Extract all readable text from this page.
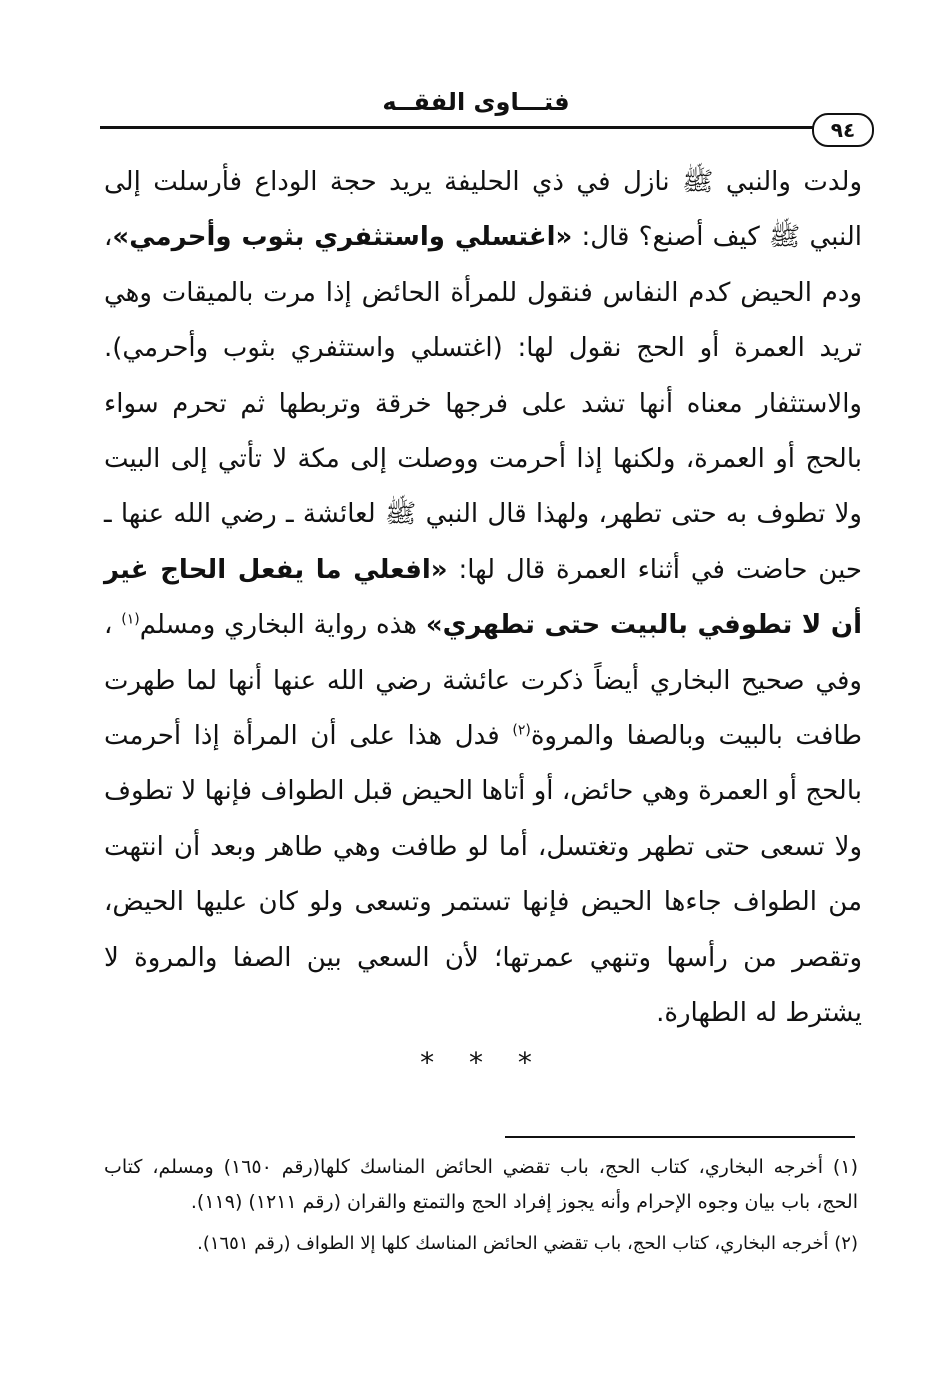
فتـــاوى الفقــه
٩٤
ولدت والنبي ﷺ نازل في ذي الحليفة يريد حجة الوداع فأرسلت إلى النبي ﷺ كيف أصنع؟ قال: «اغتسلي واستثفري بثوب وأحرمي»، ودم الحيض كدم النفاس فنقول للمرأة الحائض إذا مرت بالميقات وهي تريد العمرة أو الحج نقول لها: (اغتسلي واستثفري بثوب وأحرمي). والاستثفار معناه أنها تشد على فرجها خرقة وتربطها ثم تحرم سواء بالحج أو العمرة، ولكنها إذا أحرمت ووصلت إلى مكة لا تأتي إلى البيت ولا تطوف به حتى تطهر، ولهذا قال النبي ﷺ لعائشة ـ رضي الله عنها ـ حين حاضت في أثناء العمرة قال لها: «افعلي ما يفعل الحاج غير أن لا تطوفي بالبيت حتى تطهري» هذه رواية البخاري ومسلم$^{(١)}$ ، وفي صحيح البخاري أيضاً ذكرت عائشة رضي الله عنها أنها لما طهرت طافت بالبيت وبالصفا والمروة$^{(٢)}$ فدل هذا على أن المرأة إذا أحرمت بالحج أو العمرة وهي حائض، أو أتاها الحيض قبل الطواف فإنها لا تطوف ولا تسعى حتى تطهر وتغتسل، أما لو طافت وهي طاهر وبعد أن انتهت من الطواف جاءها الحيض فإنها تستمر وتسعى ولو كان عليها الحيض، وتقصر من رأسها وتنهي عمرتها؛ لأن السعي بين الصفا والمروة لا يشترط له الطهارة.
* * *

(١) أخرجه البخاري، كتاب الحج، باب تقضي الحائض المناسك كلها(رقم ١٦٥٠) ومسلم، كتاب الحج، باب بيان وجوه الإحرام وأنه يجوز إفراد الحج والتمتع والقران (رقم ١٢١١) (١١٩).

(٢) أخرجه البخاري، كتاب الحج، باب تقضي الحائض المناسك كلها إلا الطواف (رقم ١٦٥١).
